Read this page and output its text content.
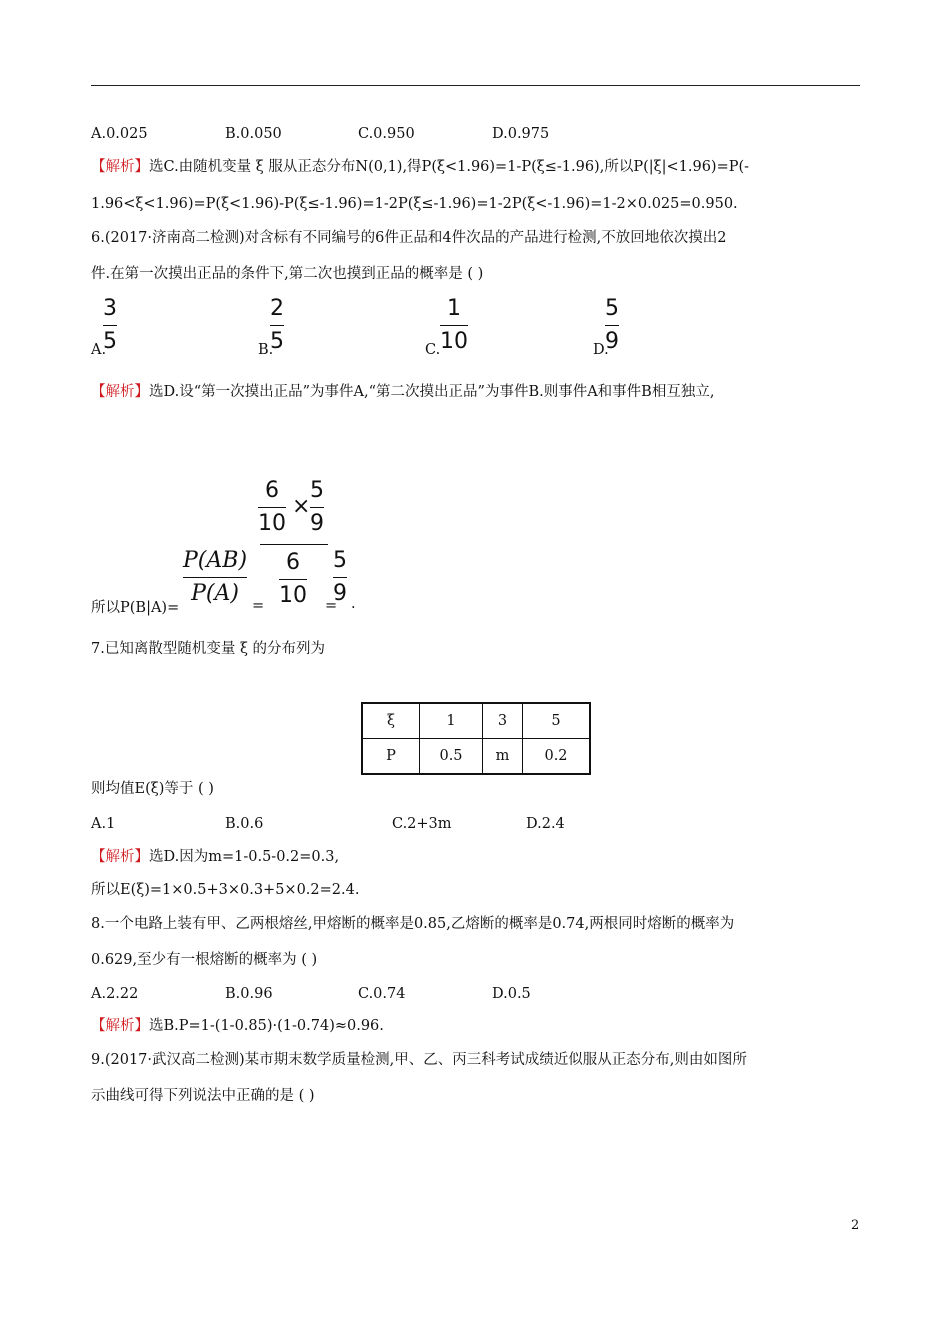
A.0.025	B.0.050	C.0.950	D.0.975
【解析】选C.由随机变量 ξ 服从正态分布N(0,1),得P(ξ<1.96)=1-P(ξ≤-1.96),所以P(|ξ|<1.96)=P(-
1.96<ξ<1.96)=P(ξ<1.96)-P(ξ≤-1.96)=1-2P(ξ≤-1.96)=1-2P(ξ<-1.96)=1-2×0.025=0.950.
6.(2017·济南高二检测)对含标有不同编号的6件正品和4件次品的产品进行检测,不放回地依次摸出2
件.在第一次摸出正品的条件下,第二次也摸到正品的概率是 ( )
A.
3
5	B.
2
5	C.
1
10	D.
5
9
【解析】选D.设“第一次摸出正品”为事件A,“第二次摸出正品”为事件B.则事件A和事件B相互独立,
所以P(B|A)=
P(AB)
P(A) =
6
10
×
5
9
6
10 =
5
9 .
7.已知离散型随机变量 ξ 的分布列为
ξ	1	3	5
P	0.5	m	0.2
则均值E(ξ)等于 ( )
A.1	B.0.6	C.2+3m	D.2.4
【解析】选D.因为m=1-0.5-0.2=0.3,
所以E(ξ)=1×0.5+3×0.3+5×0.2=2.4.
8.一个电路上装有甲、乙两根熔丝,甲熔断的概率是0.85,乙熔断的概率是0.74,两根同时熔断的概率为
0.629,至少有一根熔断的概率为 ( )
A.2.22	B.0.96	C.0.74	D.0.5
【解析】选B.P=1-(1-0.85)·(1-0.74)≈0.96.
9.(2017·武汉高二检测)某市期末数学质量检测,甲、乙、丙三科考试成绩近似服从正态分布,则由如图所
示曲线可得下列说法中正确的是 ( )
2
